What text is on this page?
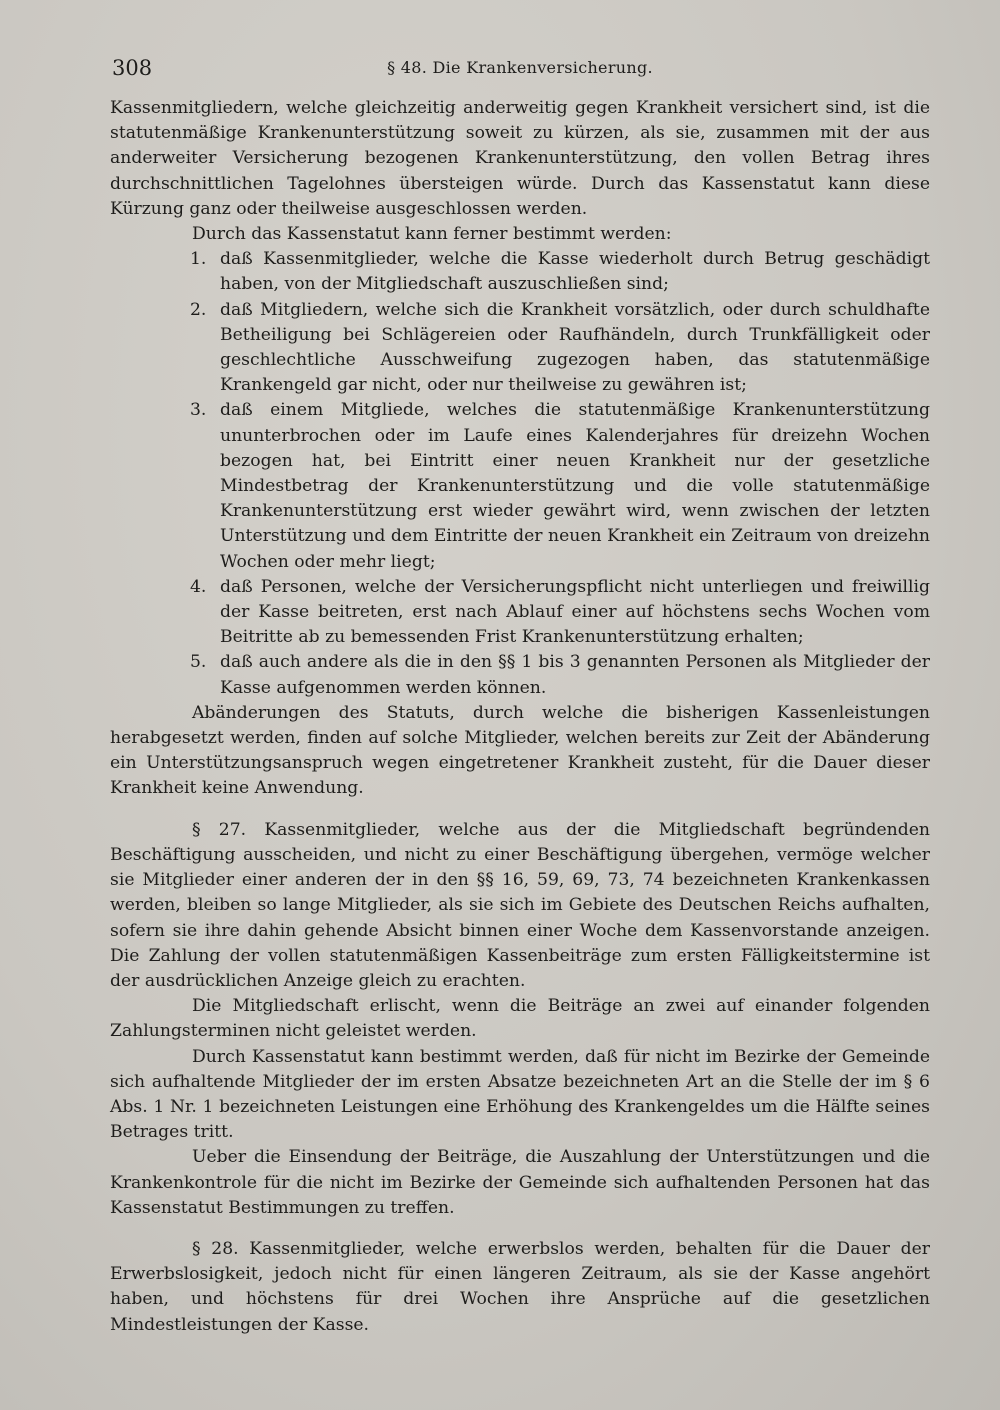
308	§ 48. Die Krankenversicherung.

Kassenmitgliedern, welche gleichzeitig anderweitig gegen Krankheit versichert sind, ist die statutenmäßige Krankenunterstützung soweit zu kürzen, als sie, zusammen mit der aus anderweiter Versicherung bezogenen Krankenunterstützung, den vollen Betrag ihres durchschnittlichen Tagelohnes übersteigen würde. Durch das Kassenstatut kann diese Kürzung ganz oder theilweise ausgeschlossen werden.

Durch das Kassenstatut kann ferner bestimmt werden:

1. daß Kassenmitglieder, welche die Kasse wiederholt durch Betrug geschädigt haben, von der Mitgliedschaft auszuschließen sind;
2. daß Mitgliedern, welche sich die Krankheit vorsätzlich, oder durch schuldhafte Betheiligung bei Schlägereien oder Raufhändeln, durch Trunkfälligkeit oder geschlechtliche Ausschweifung zugezogen haben, das statutenmäßige Krankengeld gar nicht, oder nur theilweise zu gewähren ist;
3. daß einem Mitgliede, welches die statutenmäßige Krankenunterstützung ununterbrochen oder im Laufe eines Kalenderjahres für dreizehn Wochen bezogen hat, bei Eintritt einer neuen Krankheit nur der gesetzliche Mindestbetrag der Krankenunterstützung und die volle statutenmäßige Krankenunterstützung erst wieder gewährt wird, wenn zwischen der letzten Unterstützung und dem Eintritte der neuen Krankheit ein Zeitraum von dreizehn Wochen oder mehr liegt;
4. daß Personen, welche der Versicherungspflicht nicht unterliegen und freiwillig der Kasse beitreten, erst nach Ablauf einer auf höchstens sechs Wochen vom Beitritte ab zu bemessenden Frist Krankenunterstützung erhalten;
5. daß auch andere als die in den §§ 1 bis 3 genannten Personen als Mitglieder der Kasse aufgenommen werden können.

Abänderungen des Statuts, durch welche die bisherigen Kassenleistungen herabgesetzt werden, finden auf solche Mitglieder, welchen bereits zur Zeit der Abänderung ein Unterstützungsanspruch wegen eingetretener Krankheit zusteht, für die Dauer dieser Krankheit keine Anwendung.

§ 27. Kassenmitglieder, welche aus der die Mitgliedschaft begründenden Beschäftigung ausscheiden, und nicht zu einer Beschäftigung übergehen, vermöge welcher sie Mitglieder einer anderen der in den §§ 16, 59, 69, 73, 74 bezeichneten Krankenkassen werden, bleiben so lange Mitglieder, als sie sich im Gebiete des Deutschen Reichs aufhalten, sofern sie ihre dahin gehende Absicht binnen einer Woche dem Kassenvorstande anzeigen. Die Zahlung der vollen statutenmäßigen Kassenbeiträge zum ersten Fälligkeitstermine ist der ausdrücklichen Anzeige gleich zu erachten.

Die Mitgliedschaft erlischt, wenn die Beiträge an zwei auf einander folgenden Zahlungsterminen nicht geleistet werden.

Durch Kassenstatut kann bestimmt werden, daß für nicht im Bezirke der Gemeinde sich aufhaltende Mitglieder der im ersten Absatze bezeichneten Art an die Stelle der im § 6 Abs. 1 Nr. 1 bezeichneten Leistungen eine Erhöhung des Krankengeldes um die Hälfte seines Betrages tritt.

Ueber die Einsendung der Beiträge, die Auszahlung der Unterstützungen und die Krankenkontrole für die nicht im Bezirke der Gemeinde sich aufhaltenden Personen hat das Kassenstatut Bestimmungen zu treffen.

§ 28. Kassenmitglieder, welche erwerbslos werden, behalten für die Dauer der Erwerbslosigkeit, jedoch nicht für einen längeren Zeitraum, als sie der Kasse angehört haben, und höchstens für drei Wochen ihre Ansprüche auf die gesetzlichen Mindestleistungen der Kasse.
